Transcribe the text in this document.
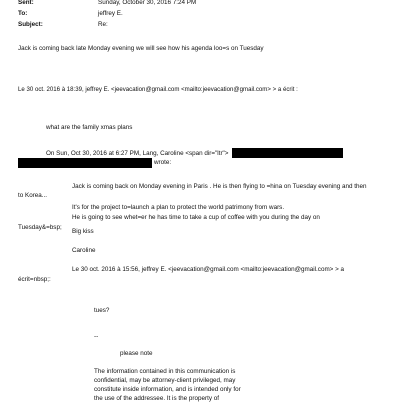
Sent:	Sunday, October 30, 2016 7:24 PM
To:	jeffrey E.
Subject:	Re:
Jack is coming back late Monday evening we will see how his agenda loo=s on Tuesday
Le 30 oct. 2016 à 18:39, jeffrey E. <jeevacation@gmail.com <mailto:jeevacation@gmail.com> > a écrit :
what are the family xmas plans
On Sun, Oct 30, 2016 at 6:27 PM, Lang, Caroline <span dir="ltr">
wrote:
Jack is coming back on Monday evening in Paris . He is then flying to =hina on Tuesday evening and then
to Korea...
It's for the project to=launch a plan to protect the world patrimony from wars.
He is going to see whet=er he has time to take a cup of coffee with you during the day on
Tuesday&=bsp;
Big kiss
Caroline
Le 30 oct. 2016 à 15:56, jeffrey E. <jeevacation@gmail.com <mailto:jeevacation@gmail.com> > a
écrit=nbsp;:
tues?
--
please note
The information contained in this communication is
confidential, may be attorney-client privileged, may
constitute inside information, and is intended only for
the use of the addressee. It is the property of
